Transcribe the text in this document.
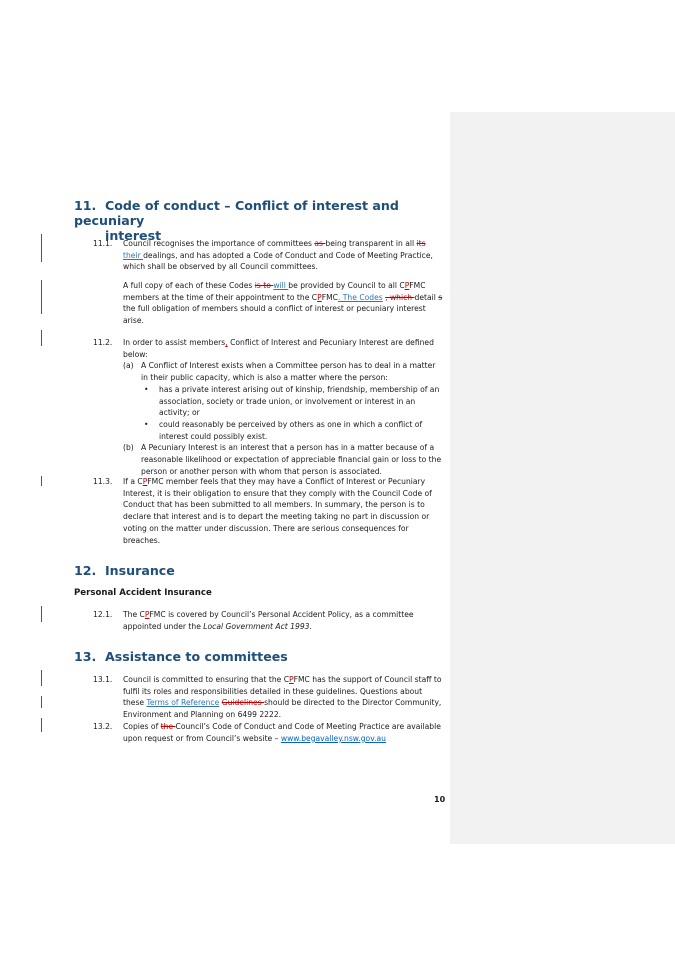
11. Code of conduct – Conflict of interest and pecuniary
interest
11.1.	Council recognises the importance of committees as being transparent in all its their dealings, and has adopted a Code of Conduct and Code of Meeting Practice, which shall be observed by all Council committees.
A full copy of each of these Codes is to will be provided by Council to all CPFMC members at the time of their appointment to the CPFMC. The Codes , which detail s the full obligation of members should a conflict of interest or pecuniary interest arise.
11.2.	In order to assist members, Conflict of Interest and Pecuniary Interest are defined below:
(a) A Conflict of Interest exists when a Committee person has to deal in a matter in their public capacity, which is also a matter where the person:
• has a private interest arising out of kinship, friendship, membership of an association, society or trade union, or involvement or interest in an activity; or
• could reasonably be perceived by others as one in which a conflict of interest could possibly exist.
(b) A Pecuniary Interest is an interest that a person has in a matter because of a reasonable likelihood or expectation of appreciable financial gain or loss to the person or another person with whom that person is associated.
11.3.	If a CPFMC member feels that they may have a Conflict of Interest or Pecuniary Interest, it is their obligation to ensure that they comply with the Council Code of Conduct that has been submitted to all members. In summary, the person is to declare that interest and is to depart the meeting taking no part in discussion or voting on the matter under discussion. There are serious consequences for breaches.
12. Insurance
Personal Accident Insurance
12.1.	The CPFMC is covered by Council’s Personal Accident Policy, as a committee appointed under the Local Government Act 1993.
13. Assistance to committees
13.1.	Council is committed to ensuring that the CPFMC has the support of Council staff to fulfil its roles and responsibilities detailed in these guidelines. Questions about these Terms of Reference Guidelines should be directed to the Director Community, Environment and Planning on 6499 2222.
13.2.	Copies of the Council’s Code of Conduct and Code of Meeting Practice are available upon request or from Council’s website – www.begavalley.nsw.gov.au
10
